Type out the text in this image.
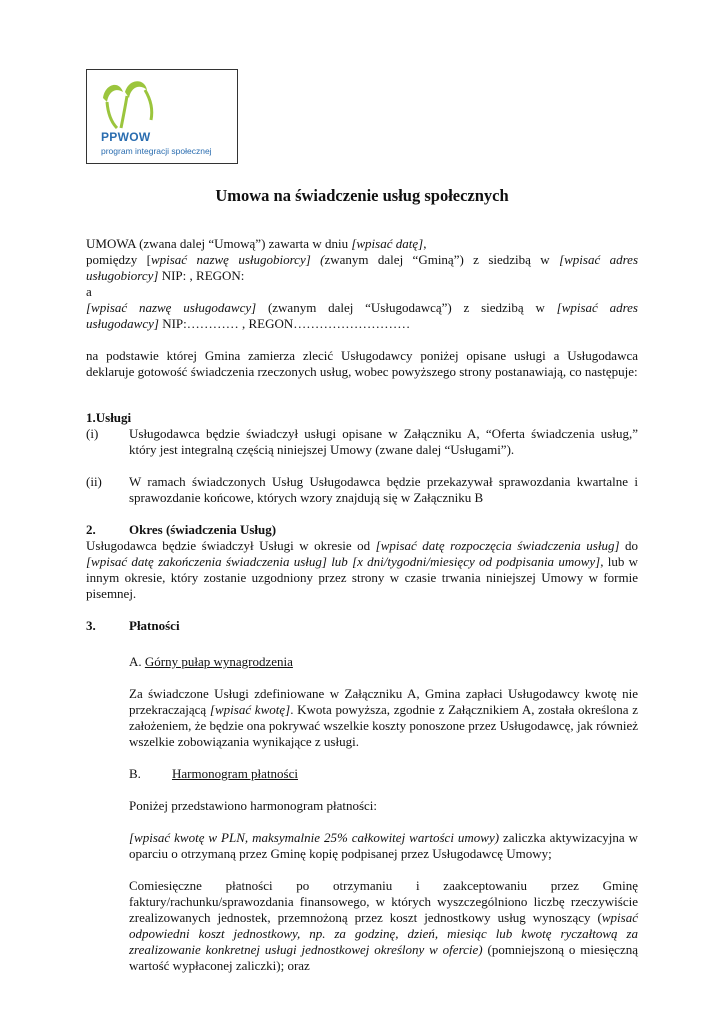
PPWOW
program integracji społecznej
Umowa na świadczenie usług społecznych

UMOWA (zwana dalej “Umową”) zawarta w dniu [wpisać datę],

pomiędzy [wpisać nazwę usługobiorcy] (zwanym dalej “Gminą”) z siedzibą w [wpisać adres

usługobiorcy] NIP: , REGON:

a

[wpisać nazwę usługodawcy] (zwanym dalej “Usługodawcą”) z siedzibą w [wpisać adres

usługodawcy] NIP:………… , REGON………………………

na podstawie której Gmina zamierza zlecić Usługodawcy poniżej opisane usługi a Usługodawca deklaruje gotowość świadczenia rzeczonych usług, wobec powyższego strony postanawiają, co następuje:

1.Usługi

(i) Usługodawca będzie świadczył usługi opisane w Załączniku A, “Oferta świadczenia usług,” który jest integralną częścią niniejszej Umowy (zwane dalej “Usługami”).
(ii) W ramach świadczonych Usług Usługodawca będzie przekazywał sprawozdania kwartalne i sprawozdanie końcowe, których wzory znajdują się w Załączniku B
2.	Okres (świadczenia Usług)

Usługodawca będzie świadczył Usługi w okresie od [wpisać datę rozpoczęcia świadczenia usług] do [wpisać datę zakończenia świadczenia usług] lub [x dni/tygodni/miesięcy od podpisania umowy], lub w innym okresie, który zostanie uzgodniony przez strony w czasie trwania niniejszej Umowy w formie pisemnej.

3.	Płatności

A. Górny pułap wynagrodzenia

Za świadczone Usługi zdefiniowane w Załączniku A, Gmina zapłaci Usługodawcy kwotę nie przekraczającą [wpisać kwotę]. Kwota powyższa, zgodnie z Załącznikiem A, została określona z założeniem, że będzie ona pokrywać wszelkie koszty ponoszone przez Usługodawcę, jak również wszelkie zobowiązania wynikające z usługi.

B. Harmonogram płatności

Poniżej przedstawiono harmonogram płatności:

[wpisać kwotę w PLN, maksymalnie 25% całkowitej wartości umowy) zaliczka aktywizacyjna w oparciu o otrzymaną przez Gminę kopię podpisanej przez Usługodawcę Umowy;

Comiesięczne płatności po otrzymaniu i zaakceptowaniu przez Gminę faktury/rachunku/sprawozdania finansowego, w których wyszczególniono liczbę rzeczywiście zrealizowanych jednostek, przemnożoną przez koszt jednostkowy usług wynoszący (wpisać odpowiedni koszt jednostkowy, np. za godzinę, dzień, miesiąc lub kwotę ryczałtową za zrealizowanie konkretnej usługi jednostkowej określony w ofercie) (pomniejszoną o miesięczną wartość wypłaconej zaliczki); oraz
